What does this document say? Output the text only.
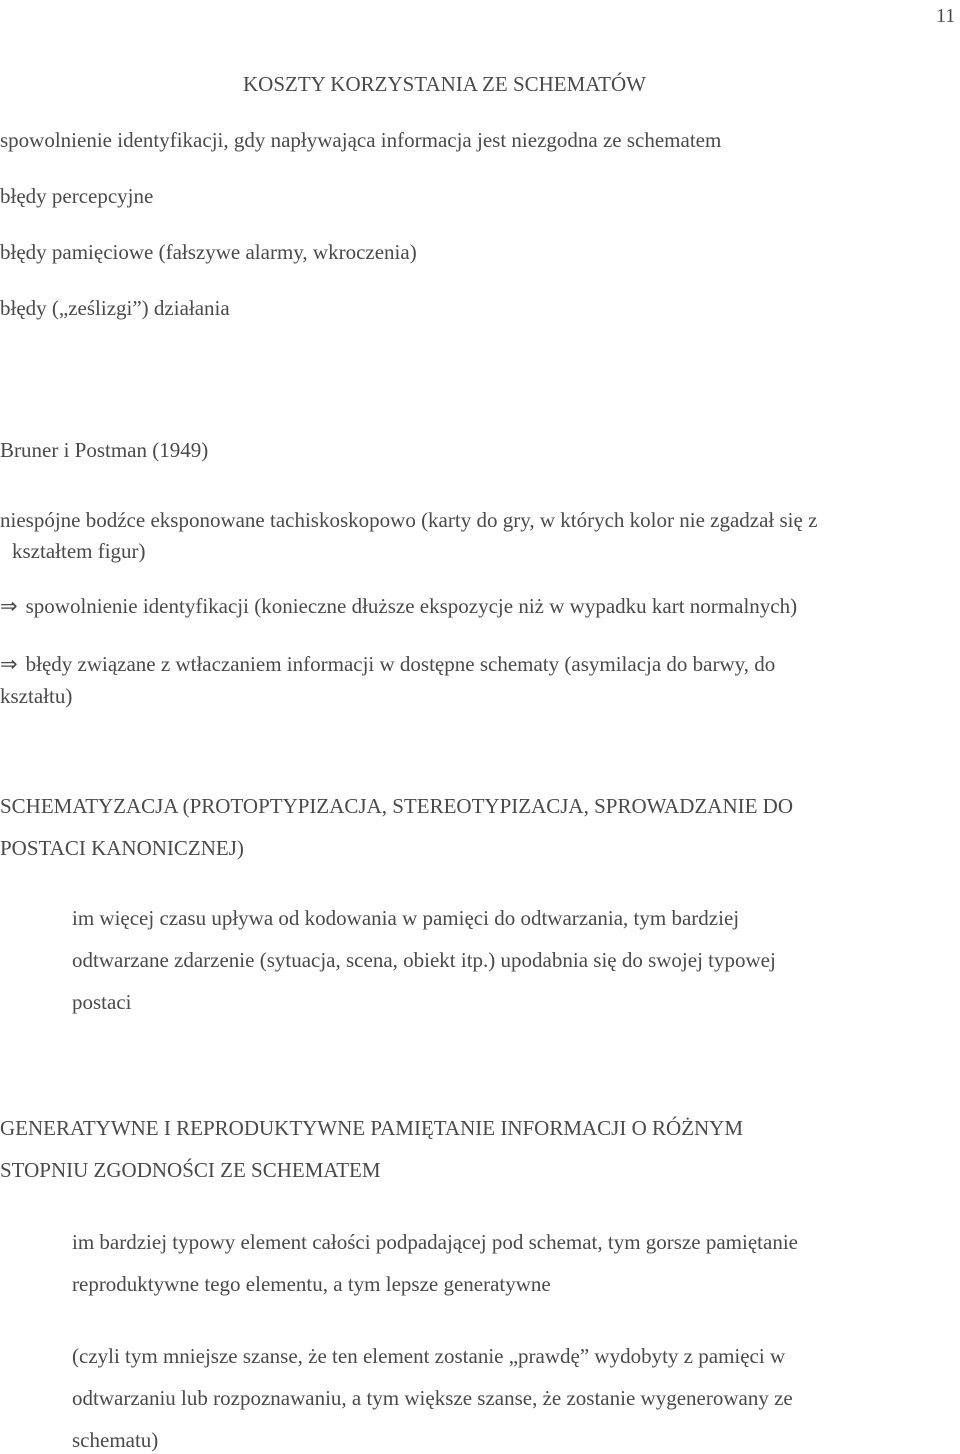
11
KOSZTY KORZYSTANIA ZE SCHEMATÓW
spowolnienie identyfikacji, gdy napływająca informacja jest niezgodna ze schematem
błędy percepcyjne
błędy pamięciowe (fałszywe alarmy, wkroczenia)
błędy („ześlizgi”) działania
Bruner i Postman (1949)
niespójne bodźce eksponowane tachiskoskopowo (karty do gry, w których kolor nie zgadzał się z
kształtem figur)
⇒ spowolnienie identyfikacji (konieczne dłuższe ekspozycje niż w wypadku kart normalnych)
⇒ błędy związane z wtłaczaniem informacji w dostępne schematy (asymilacja do barwy, do
kształtu)
SCHEMATYZACJA (PROTOPTYPIZACJA, STEREOTYPIZACJA, SPROWADZANIE DO
POSTACI KANONICZNEJ)
im więcej czasu upływa od kodowania w pamięci do odtwarzania, tym bardziej
odtwarzane zdarzenie (sytuacja, scena, obiekt itp.) upodabnia się do swojej typowej
postaci
GENERATYWNE I REPRODUKTYWNE PAMIĘTANIE INFORMACJI O RÓŻNYM
STOPNIU ZGODNOŚCI ZE SCHEMATEM
im bardziej typowy element całości podpadającej pod schemat, tym gorsze pamiętanie
reproduktywne tego elementu, a tym lepsze generatywne
(czyli tym mniejsze szanse, że ten element zostanie „prawdę” wydobyty z pamięci w
odtwarzaniu lub rozpoznawaniu, a tym większe szanse, że zostanie wygenerowany ze
schematu)
